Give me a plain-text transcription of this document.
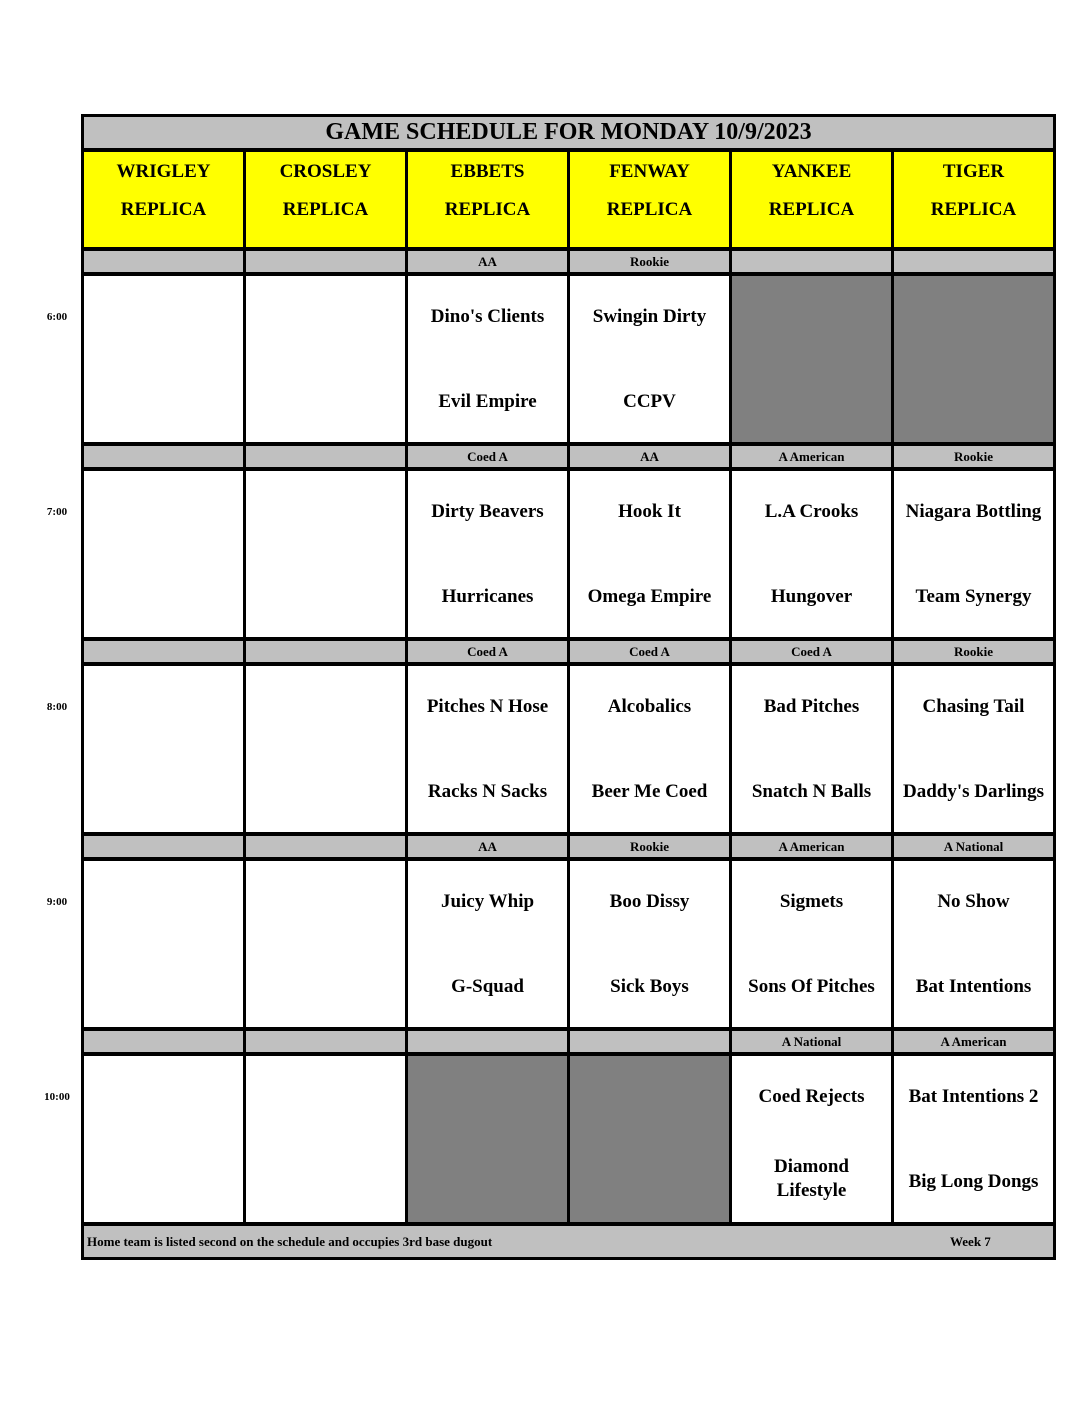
GAME SCHEDULE FOR MONDAY 10/9/2023
WRIGLEY
REPLICA
CROSLEY
REPLICA
EBBETS
REPLICA
FENWAY
REPLICA
YANKEE
REPLICA
TIGER
REPLICA
AA
Dino's Clients
Evil Empire
Rookie
Swingin Dirty
CCPV
Coed A
Dirty Beavers
Hurricanes
AA
Hook It
Omega Empire
A American
L.A Crooks
Hungover
Rookie
Niagara Bottling
Team Synergy
Coed A
Pitches N Hose
Racks N Sacks
Coed A
Alcobalics
Beer Me Coed
Coed A
Bad Pitches
Snatch N Balls
Rookie
Chasing Tail
Daddy's Darlings
AA
Juicy Whip
G-Squad
Rookie
Boo Dissy
Sick Boys
A American
Sigmets
Sons Of Pitches
A National
No Show
Bat Intentions
A National
Coed Rejects
Diamond Lifestyle
A American
Bat Intentions 2
Big Long Dongs
Home team is listed second on the schedule and occupies 3rd base dugout	Week 7
6:00
7:00
8:00
9:00
10:00
